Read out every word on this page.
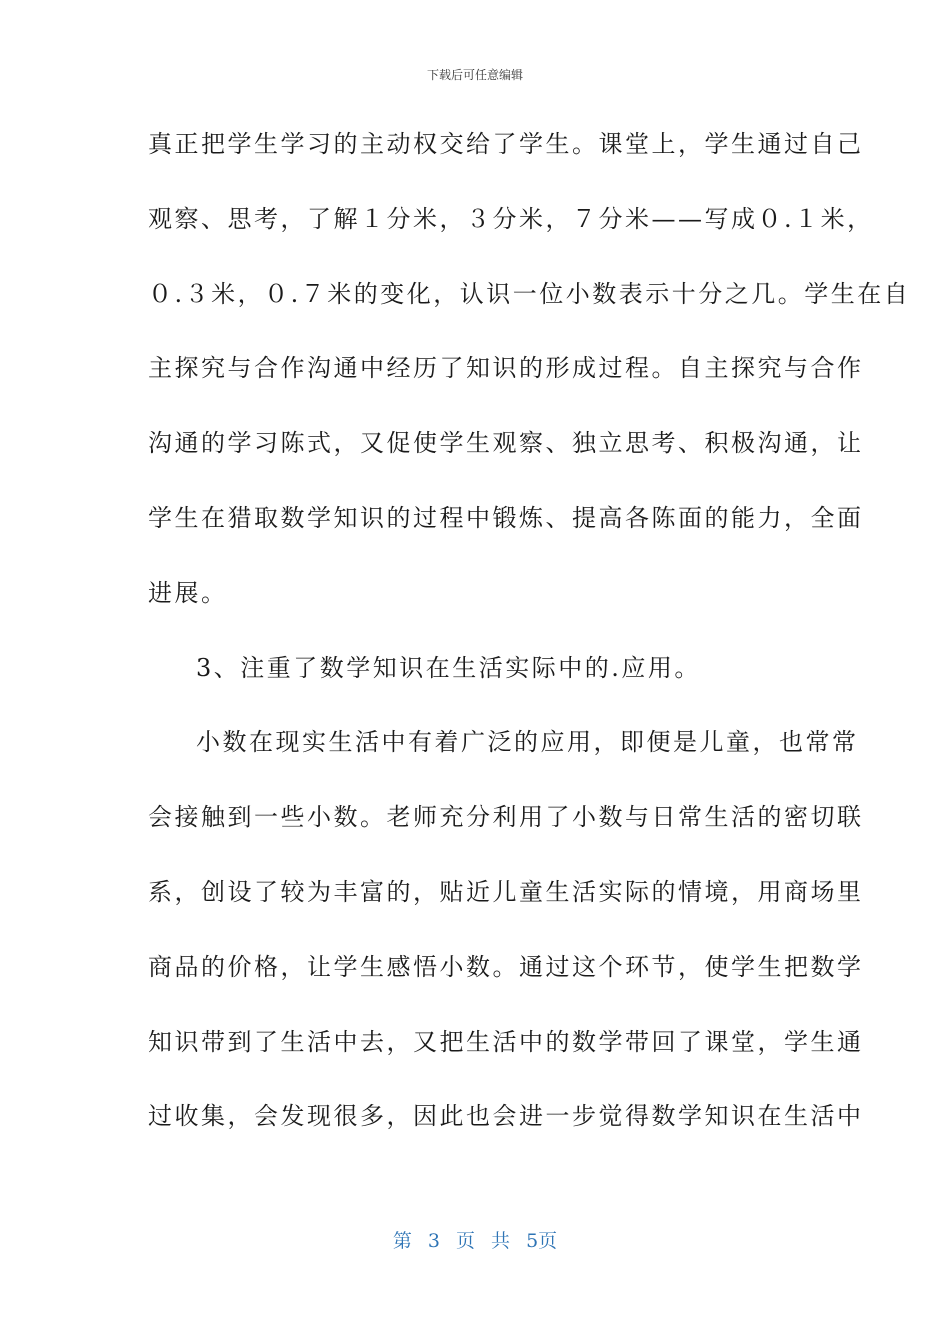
下载后可任意编辑
真正把学生学习的主动权交给了学生。课堂上，学生通过自己
观察、思考，了解１分米，３分米，７分米——写成０.１米，
０.３米，０.７米的变化，认识一位小数表示十分之几。学生在自
主探究与合作沟通中经历了知识的形成过程。自主探究与合作
沟通的学习陈式，又促使学生观察、独立思考、积极沟通，让
学生在猎取数学知识的过程中锻炼、提高各陈面的能力，全面
进展。
3、注重了数学知识在生活实际中的.应用。
小数在现实生活中有着广泛的应用，即便是儿童，也常常
会接触到一些小数。老师充分利用了小数与日常生活的密切联
系，创设了较为丰富的，贴近儿童生活实际的情境，用商场里
商品的价格，让学生感悟小数。通过这个环节，使学生把数学
知识带到了生活中去，又把生活中的数学带回了课堂，学生通
过收集，会发现很多，因此也会进一步觉得数学知识在生活中
第 3 页 共 5页
